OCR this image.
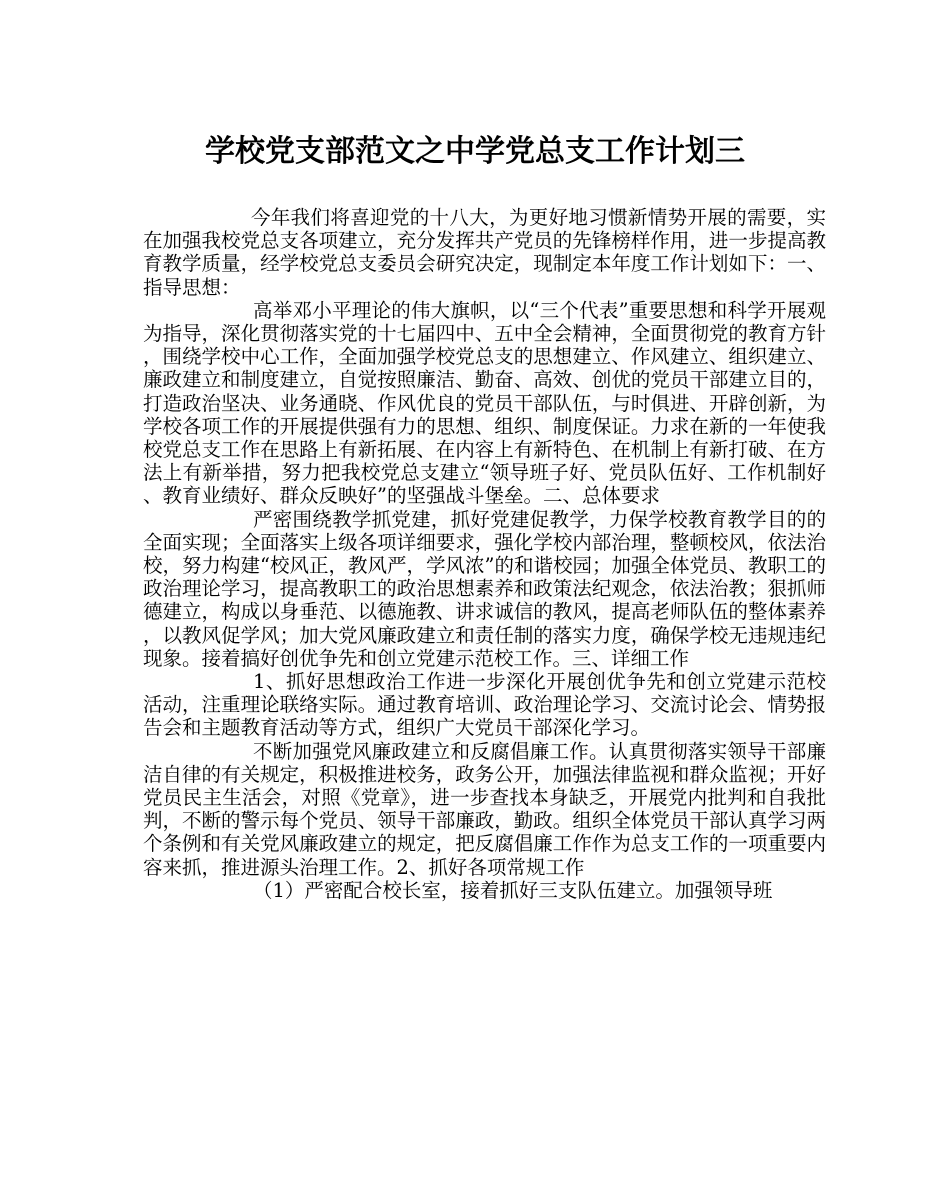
学校党支部范文之中学党总支工作计划三

今年我们将喜迎党的十八大，为更好地习惯新情势开展的需要，实在加强我校党总支各项建立，充分发挥共产党员的先锋榜样作用，进一步提高教育教学质量，经学校党总支委员会研究决定，现制定本年度工作计划如下：一、指导思想：

高举邓小平理论的伟大旗帜，以“三个代表”重要思想和科学开展观为指导，深化贯彻落实党的十七届四中、五中全会精神，全面贯彻党的教育方针，围绕学校中心工作，全面加强学校党总支的思想建立、作风建立、组织建立、廉政建立和制度建立，自觉按照廉洁、勤奋、高效、创优的党员干部建立目的，打造政治坚决、业务通晓、作风优良的党员干部队伍，与时俱进、开辟创新，为学校各项工作的开展提供强有力的思想、组织、制度保证。力求在新的一年使我校党总支工作在思路上有新拓展、在内容上有新特色、在机制上有新打破、在方法上有新举措，努力把我校党总支建立“领导班子好、党员队伍好、工作机制好、教育业绩好、群众反映好”的坚强战斗堡垒。二、总体要求

严密围绕教学抓党建，抓好党建促教学，力保学校教育教学目的的全面实现；全面落实上级各项详细要求，强化学校内部治理，整顿校风，依法治校，努力构建“校风正，教风严，学风浓”的和谐校园；加强全体党员、教职工的政治理论学习，提高教职工的政治思想素养和政策法纪观念，依法治教；狠抓师德建立，构成以身垂范、以德施教、讲求诚信的教风，提高老师队伍的整体素养，以教风促学风；加大党风廉政建立和责任制的落实力度，确保学校无违规违纪现象。接着搞好创优争先和创立党建示范校工作。三、详细工作

1、抓好思想政治工作进一步深化开展创优争先和创立党建示范校活动，注重理论联络实际。通过教育培训、政治理论学习、交流讨论会、情势报告会和主题教育活动等方式，组织广大党员干部深化学习。

不断加强党风廉政建立和反腐倡廉工作。认真贯彻落实领导干部廉洁自律的有关规定，积极推进校务，政务公开，加强法律监视和群众监视；开好党员民主生活会，对照《党章》，进一步查找本身缺乏，开展党内批判和自我批判，不断的警示每个党员、领导干部廉政，勤政。组织全体党员干部认真学习两个条例和有关党风廉政建立的规定，把反腐倡廉工作作为总支工作的一项重要内容来抓，推进源头治理工作。2、抓好各项常规工作

（1）严密配合校长室，接着抓好三支队伍建立。加强领导班
